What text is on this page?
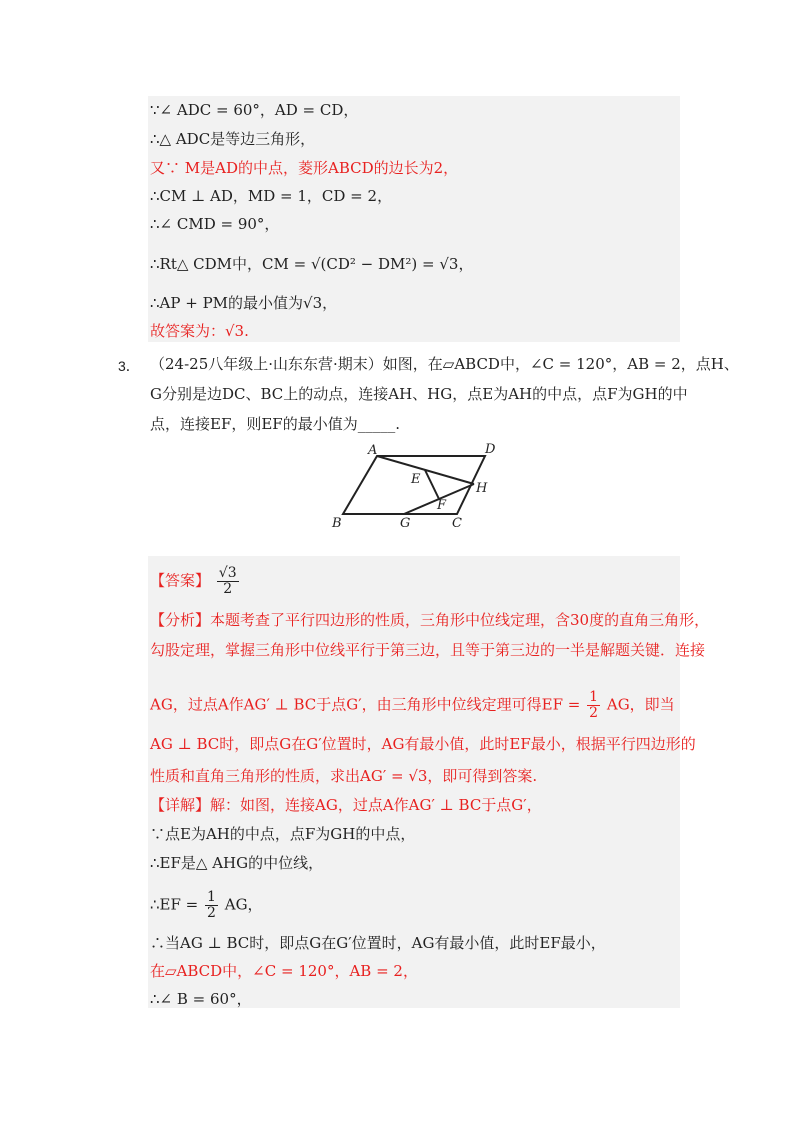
∵∠ ADC = 60°，AD = CD，
∴△ ADC是等边三角形，
又∵ M是AD的中点，菱形ABCD的边长为2，
∴CM ⊥ AD，MD = 1，CD = 2，
∴∠ CMD = 90°，
∴Rt△ CDM中，CM = √(CD² − DM²) = √3，
∴AP + PM的最小值为√3，
故答案为：√3.
3． （24-25八年级上·山东东营·期末）如图，在▱ABCD中，∠C = 120°，AB = 2，点H、
G分别是边DC、BC上的动点，连接AH、HG，点E为AH的中点，点F为GH的中
点，连接EF，则EF的最小值为_____.
A	D
E
H
F
B	G	C
【答案】 $\frac{√3}{2}$
【分析】本题考查了平行四边形的性质，三角形中位线定理，含30度的直角三角形，
勾股定理，掌握三角形中位线平行于第三边，且等于第三边的一半是解题关键．连接
AG，过点A作AG′ ⊥ BC于点G′，由三角形中位线定理可得EF = $\frac{1}{2}$ AG，即当
AG ⊥ BC时，即点G在G′位置时，AG有最小值，此时EF最小，根据平行四边形的
性质和直角三角形的性质，求出AG′ = √3，即可得到答案.
【详解】解：如图，连接AG，过点A作AG′ ⊥ BC于点G′，
∵点E为AH的中点，点F为GH的中点，
∴EF是△ AHG的中位线，
∴EF = $\frac{1}{2}$ AG，
∴当AG ⊥ BC时，即点G在G′位置时，AG有最小值，此时EF最小，
在▱ABCD中，∠C = 120°，AB = 2，
∴∠ B = 60°，
